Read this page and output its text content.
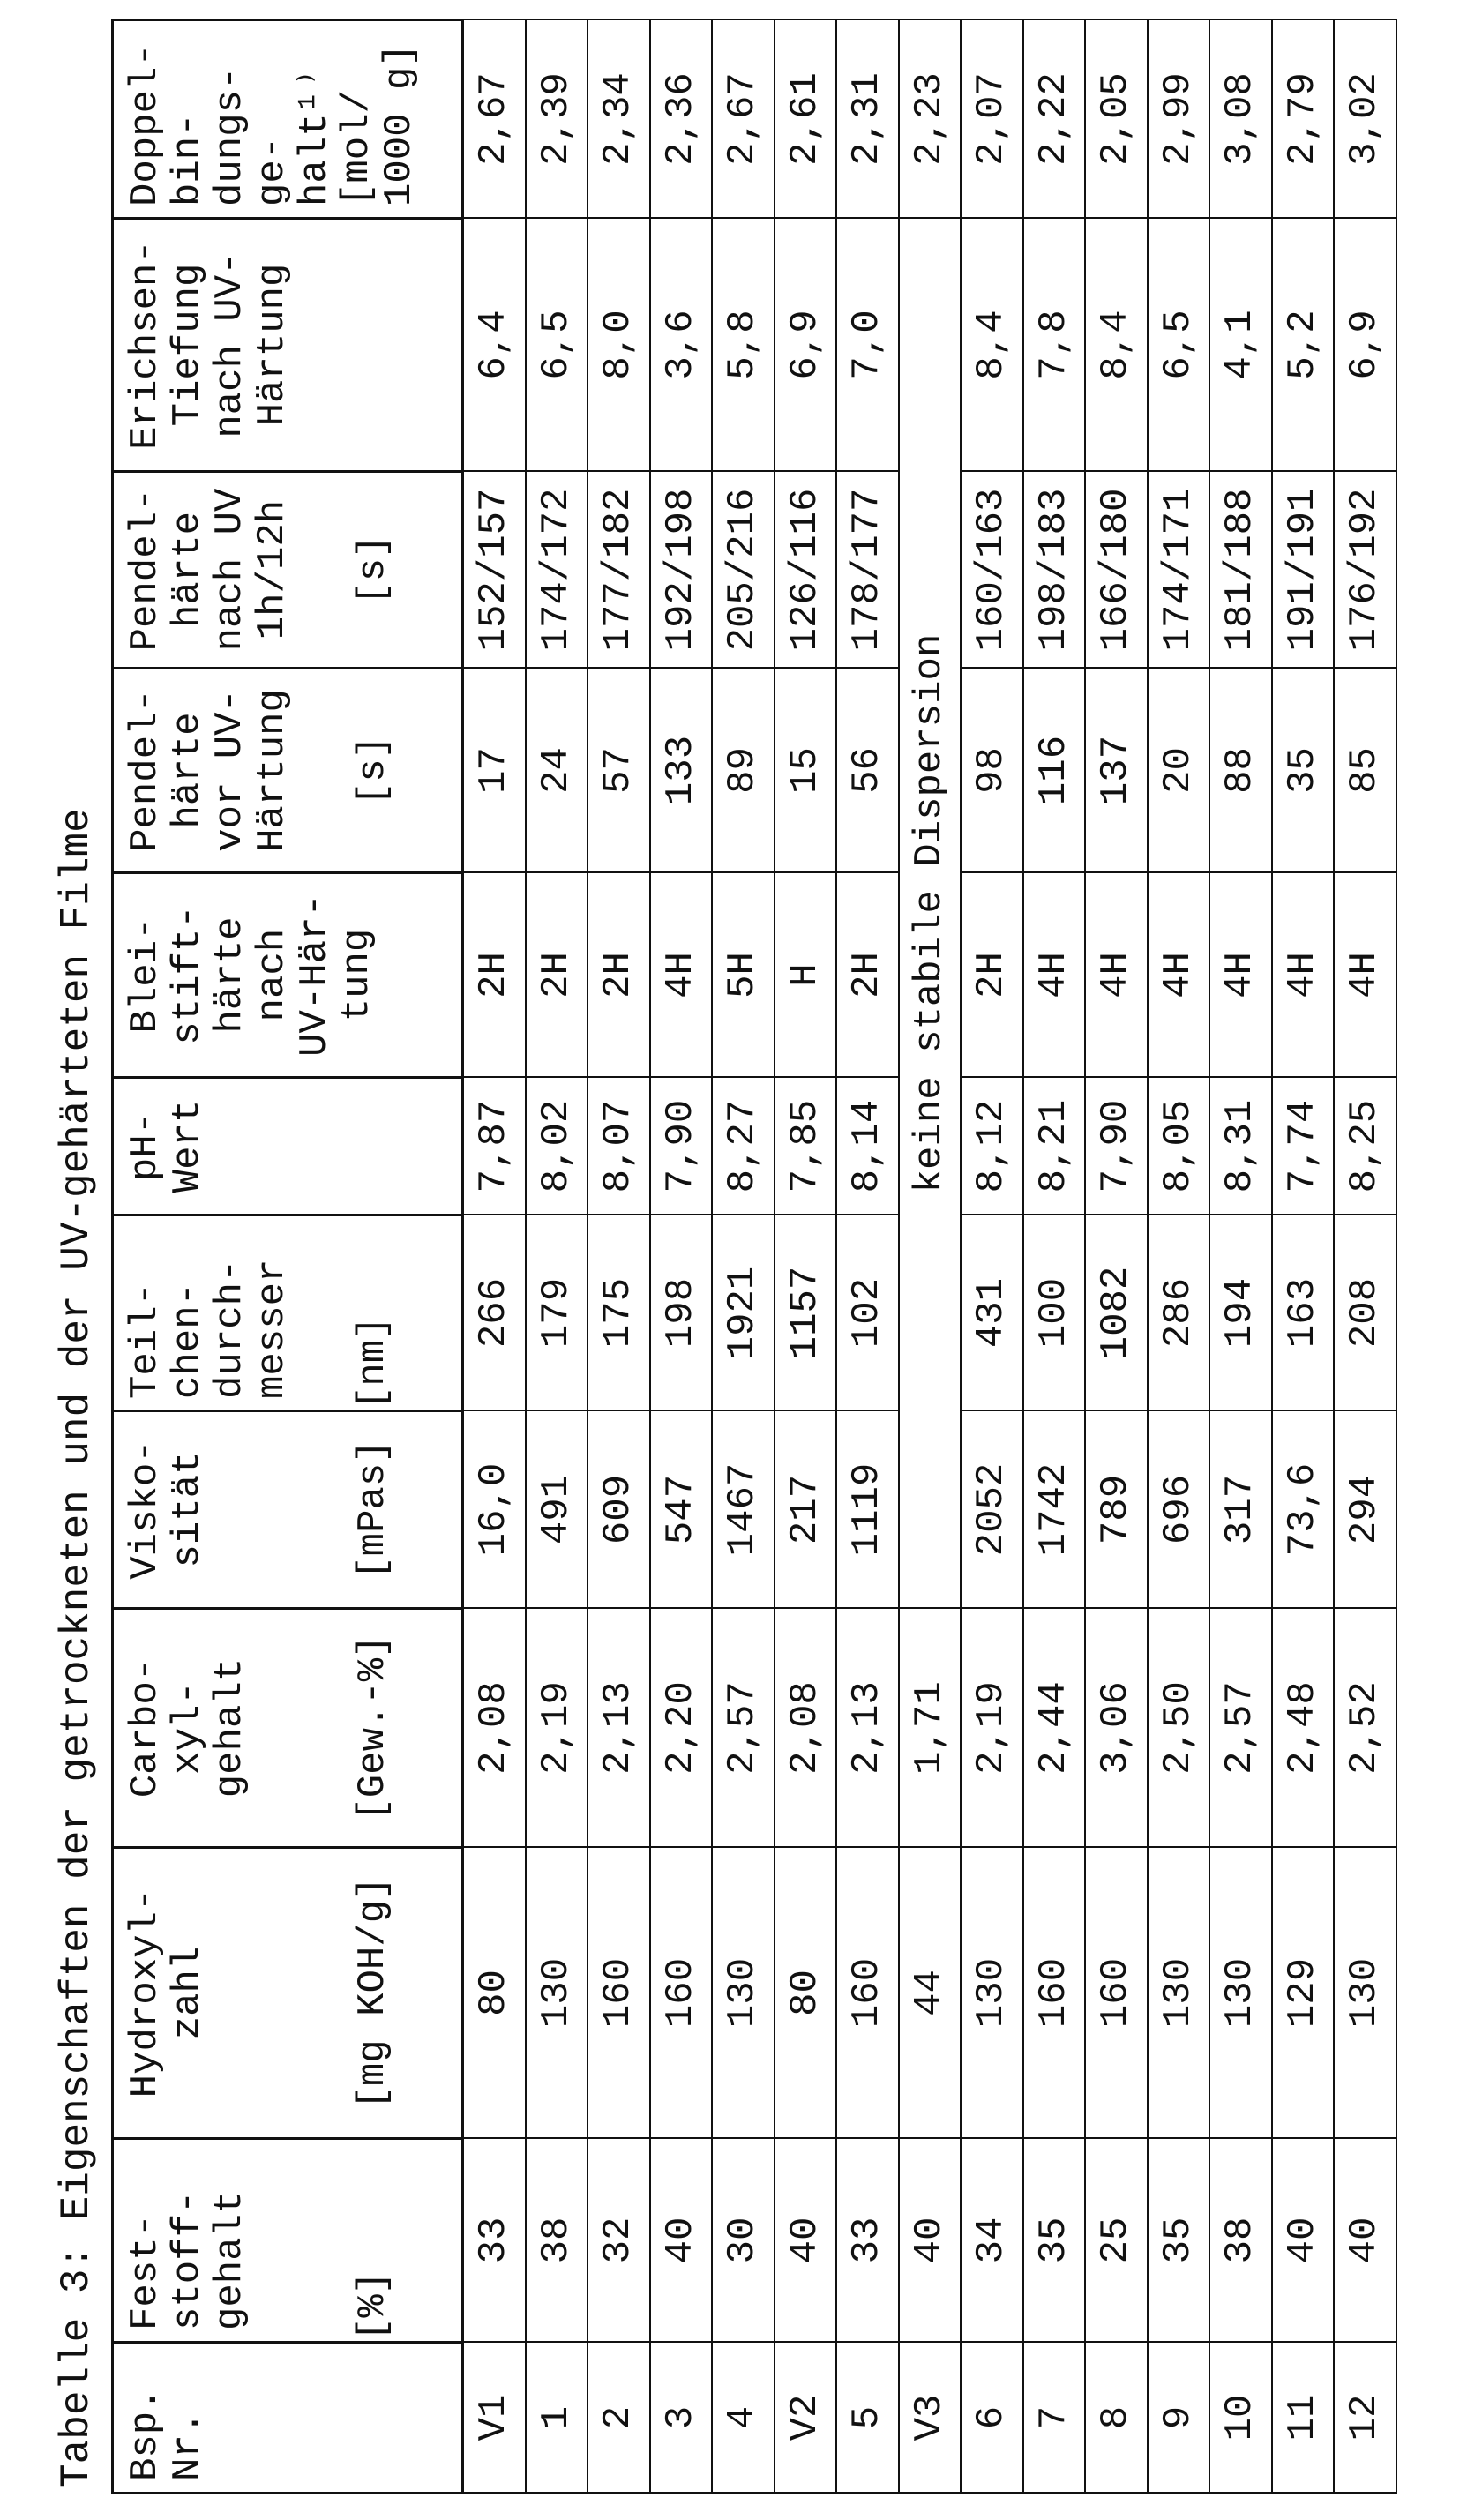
Tabelle 3: Eigenschaften der getrockneten und der UV-gehärteten Filme Bsp.
Nr.

Fest-
stoff-
gehalt	[%]

Hydroxyl-
zahl	[mg KOH/g]

Carbo-
xyl-
gehalt	[Gew.-%]

Visko-
sität	[mPas]

Teil-
chen-
durch-
messer [nm]

pH-
Wert

Blei-
stift-
härte
nach
UV-Här-
tung

Pendel-
härte
vor UV-
Härtung [s]

Pendel-
härte
nach UV
1h/12h [s]

Erichsen-
Tiefung
nach UV-
Härtung

Doppel-
bin-
dungs-
ge-
halt¹⁾
[mol/
1000 g]

V1	33	80	2,08	16,0	266	7,87	2H	17	152/157	6,4	2,67
1	38	130	2,19	491	179	8,02	2H	24	174/172	6,5	2,39
2	32	160	2,13	609	175	8,07	2H	57	177/182	8,0	2,34
3	40	160	2,20	547	198	7,90	4H	133	192/198	3,6	2,36
4	30	130	2,57	1467	1921	8,27	5H	89	205/216	5,8	2,67
V2	40	80	2,08	217	1157	7,85	H	15	126/116	6,9	2,61
5	33	160	2,13	1119	102	8,14	2H	56	178/177	7,0	2,31
V3	40	44	1,71	keine stabile Dispersion	2,23
6	34	130	2,19	2052	431	8,12	2H	98	160/163	8,4	2,07
7	35	160	2,44	1742	100	8,21	4H	116	198/183	7,8	2,22
8	25	160	3,06	789	1082	7,90	4H	137	166/180	8,4	2,05
9	35	130	2,50	696	286	8,05	4H	20	174/171	6,5	2,99
10	38	130	2,57	317	194	8,31	4H	88	181/188	4,1	3,08
11	40	129	2,48	73,6	163	7,74	4H	35	191/191	5,2	2,79
12	40	130	2,52	294	208	8,25	4H	85	176/192	6,9	3,02
